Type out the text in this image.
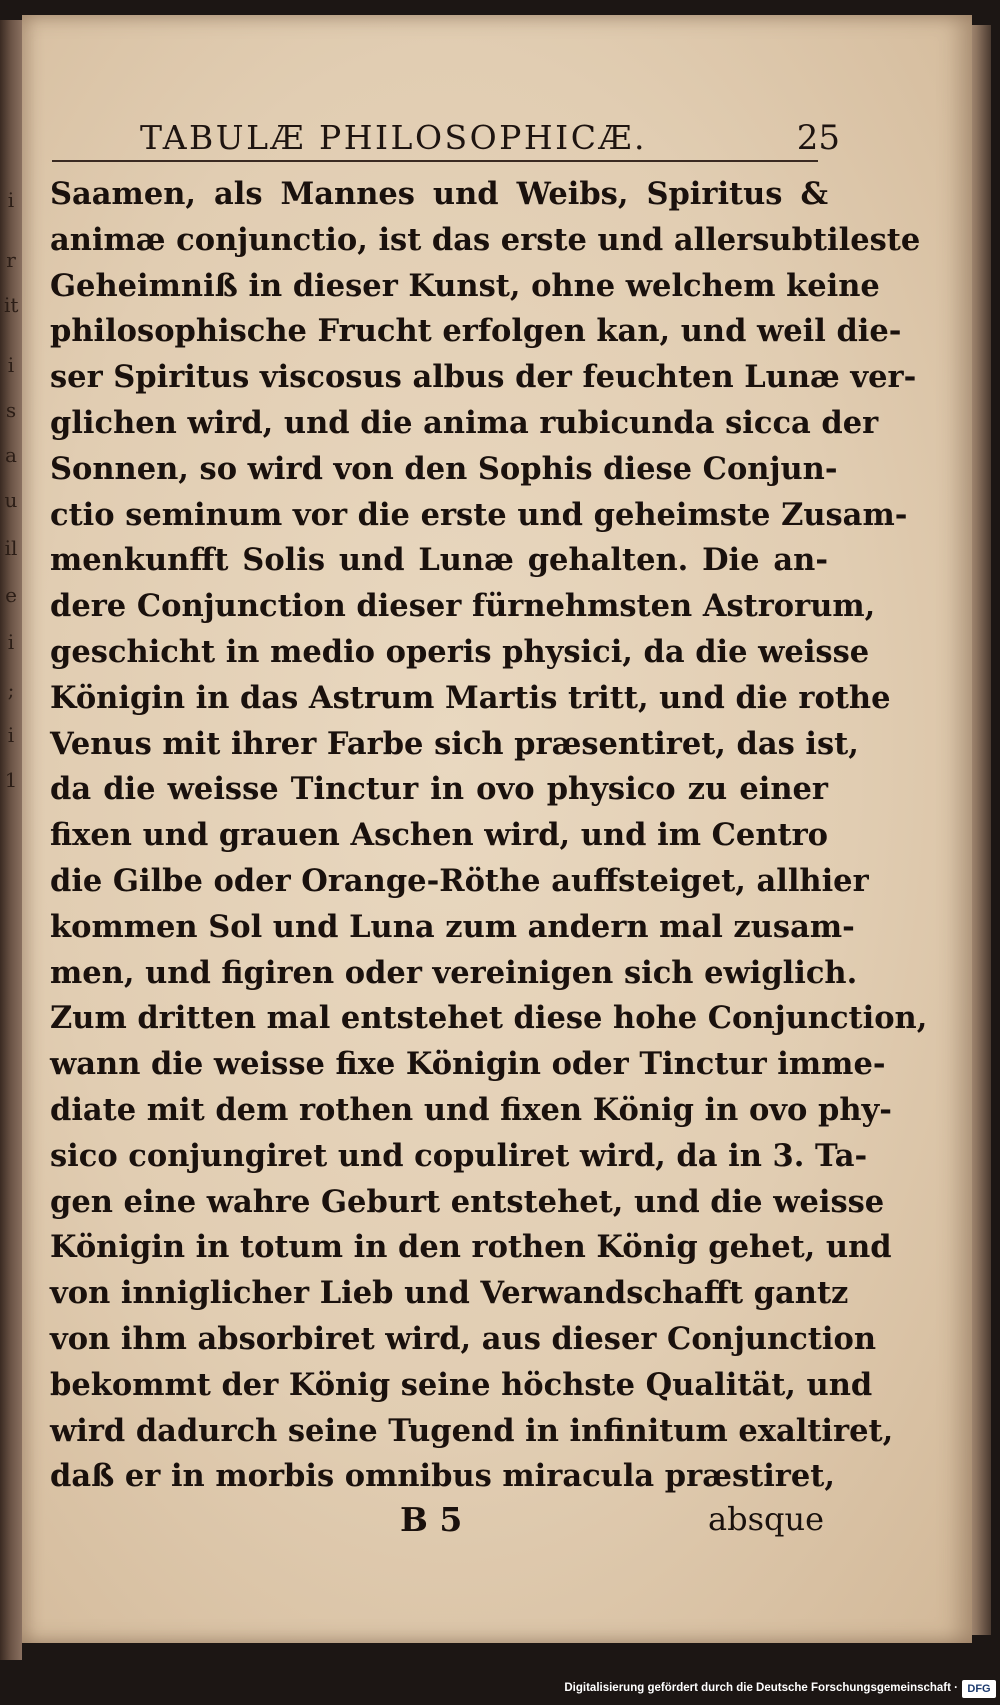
i
r
it
i
s
a
u
il
e
i
;
i
1
TABULÆ PHILOSOPHICÆ.	25
Saamen, als Mannes und Weibs, Spiritus &
animæ conjunctio, ist das erste und allersubtileste
Geheimniß in dieser Kunst, ohne welchem keine
philosophische Frucht erfolgen kan, und weil die-
ser Spiritus viscosus albus der feuchten Lunæ ver-
glichen wird, und die anima rubicunda sicca der
Sonnen, so wird von den Sophis diese Conjun-
ctio seminum vor die erste und geheimste Zusam-
menkunfft Solis und Lunæ gehalten. Die an-
dere Conjunction dieser fürnehmsten Astrorum,
geschicht in medio operis physici, da die weisse
Königin in das Astrum Martis tritt, und die rothe
Venus mit ihrer Farbe sich præsentiret, das ist,
da die weisse Tinctur in ovo physico zu einer
fixen und grauen Aschen wird, und im Centro
die Gilbe oder Orange-Röthe auffsteiget, allhier
kommen Sol und Luna zum andern mal zusam-
men, und figiren oder vereinigen sich ewiglich.
Zum dritten mal entstehet diese hohe Conjunction,
wann die weisse fixe Königin oder Tinctur imme-
diate mit dem rothen und fixen König in ovo phy-
sico conjungiret und copuliret wird, da in 3. Ta-
gen eine wahre Geburt entstehet, und die weisse
Königin in totum in den rothen König gehet, und
von inniglicher Lieb und Verwandschafft gantz
von ihm absorbiret wird, aus dieser Conjunction
bekommt der König seine höchste Qualität, und
wird dadurch seine Tugend in infinitum exaltiret,
daß er in morbis omnibus miracula præstiret,
B 5	absque
Digitalisierung gefördert durch die Deutsche Forschungsgemeinschaft · DFG
